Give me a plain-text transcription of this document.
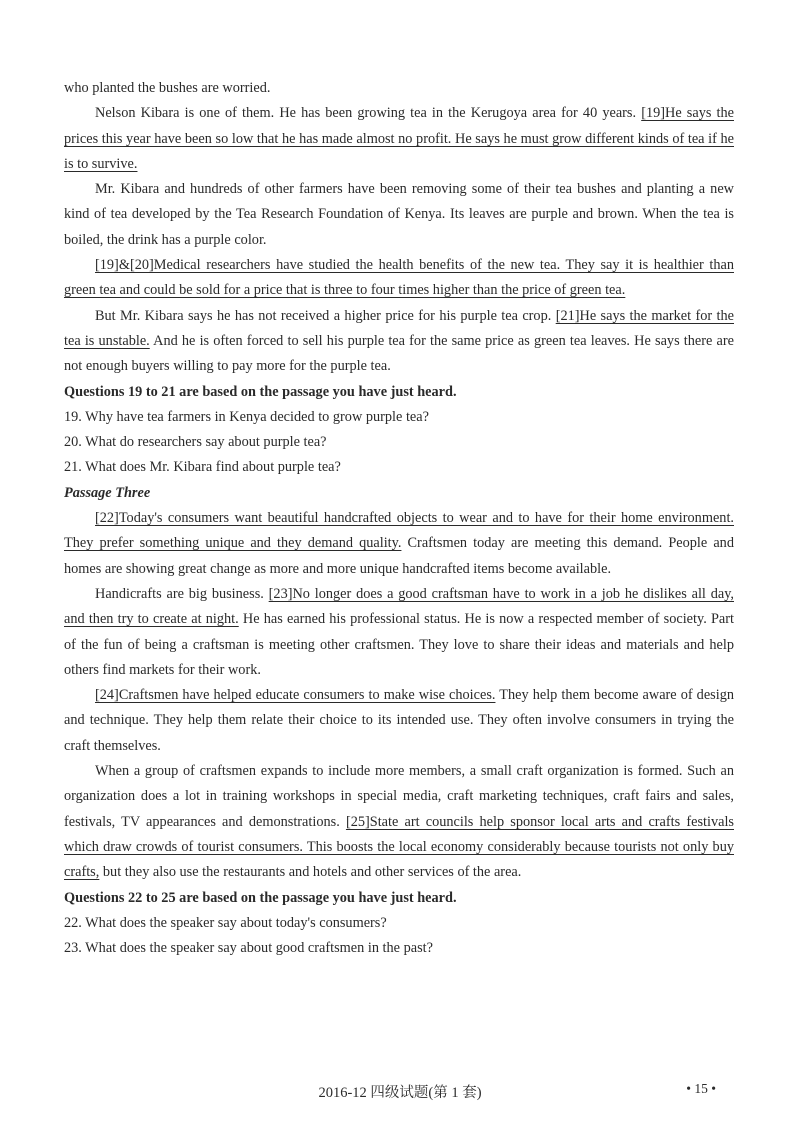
who planted the bushes are worried.

Nelson Kibara is one of them. He has been growing tea in the Kerugoya area for 40 years. [19]He says the prices this year have been so low that he has made almost no profit. He says he must grow different kinds of tea if he is to survive.

Mr. Kibara and hundreds of other farmers have been removing some of their tea bushes and planting a new kind of tea developed by the Tea Research Foundation of Kenya. Its leaves are purple and brown. When the tea is boiled, the drink has a purple color.

[19]&[20]Medical researchers have studied the health benefits of the new tea. They say it is healthier than green tea and could be sold for a price that is three to four times higher than the price of green tea.

But Mr. Kibara says he has not received a higher price for his purple tea crop. [21]He says the market for the tea is unstable. And he is often forced to sell his purple tea for the same price as green tea leaves. He says there are not enough buyers willing to pay more for the purple tea.

Questions 19 to 21 are based on the passage you have just heard.

19. Why have tea farmers in Kenya decided to grow purple tea?

20. What do researchers say about purple tea?

21. What does Mr. Kibara find about purple tea?

Passage Three

[22]Today's consumers want beautiful handcrafted objects to wear and to have for their home environment. They prefer something unique and they demand quality. Craftsmen today are meeting this demand. People and homes are showing great change as more and more unique handcrafted items become available.

Handicrafts are big business. [23]No longer does a good craftsman have to work in a job he dislikes all day, and then try to create at night. He has earned his professional status. He is now a respected member of society. Part of the fun of being a craftsman is meeting other craftsmen. They love to share their ideas and materials and help others find markets for their work.

[24]Craftsmen have helped educate consumers to make wise choices. They help them become aware of design and technique. They help them relate their choice to its intended use. They often involve consumers in trying the craft themselves.

When a group of craftsmen expands to include more members, a small craft organization is formed. Such an organization does a lot in training workshops in special media, craft marketing techniques, craft fairs and sales, festivals, TV appearances and demonstrations. [25]State art councils help sponsor local arts and crafts festivals which draw crowds of tourist consumers. This boosts the local economy considerably because tourists not only buy crafts, but they also use the restaurants and hotels and other services of the area.

Questions 22 to 25 are based on the passage you have just heard.

22. What does the speaker say about today's consumers?

23. What does the speaker say about good craftsmen in the past?

2016-12 四级试题(第 1 套)	• 15 •
